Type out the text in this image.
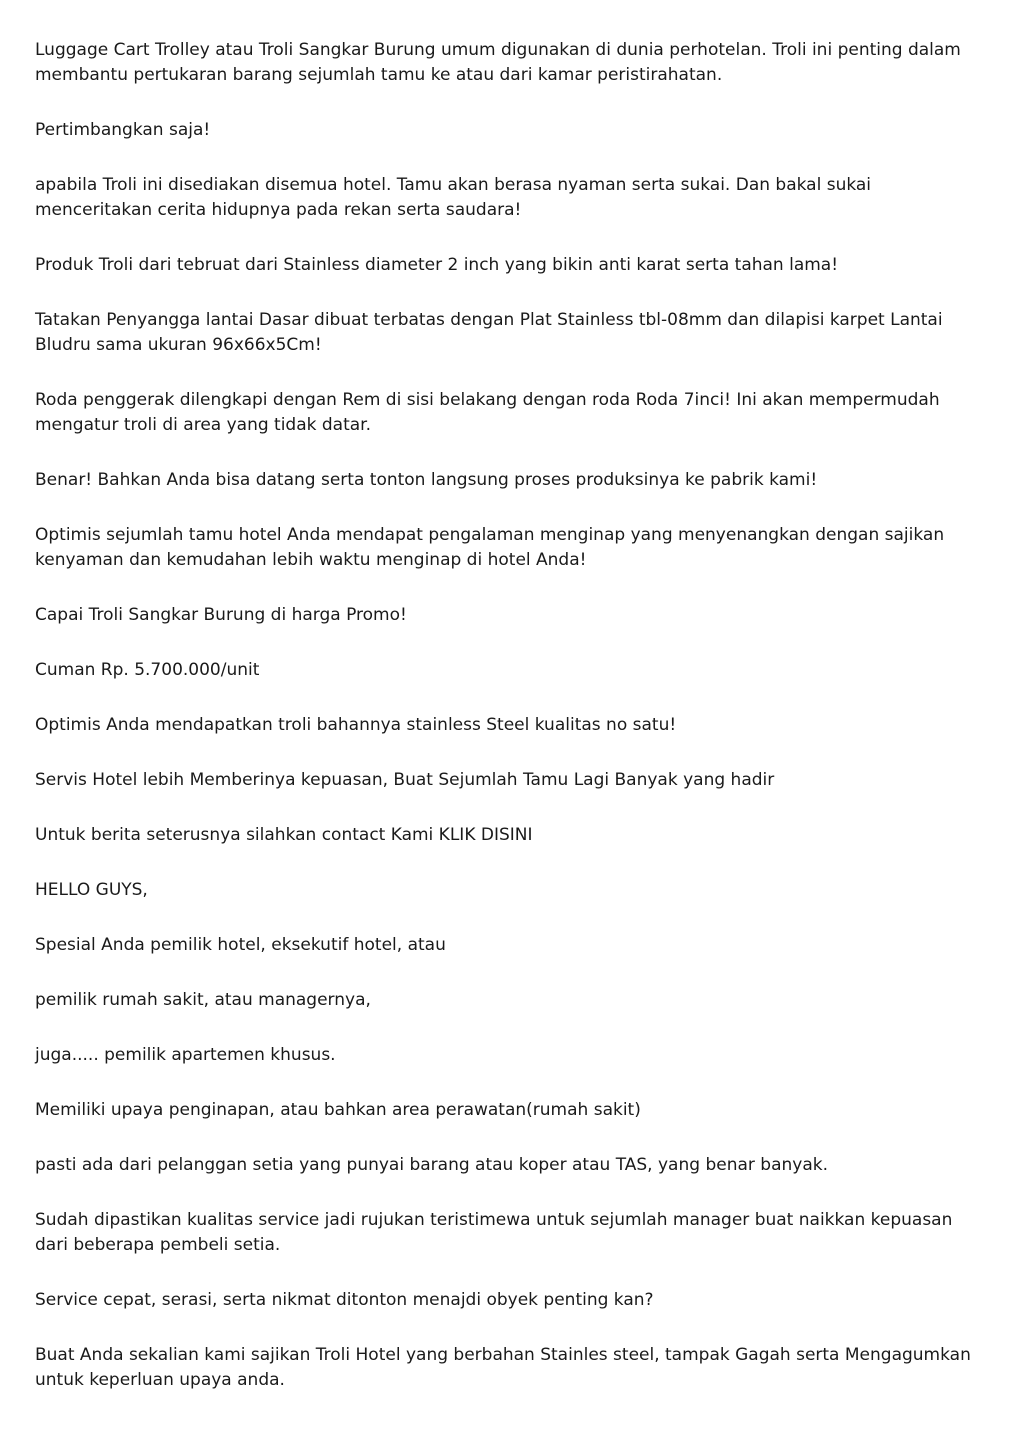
Luggage Cart Trolley atau Troli Sangkar Burung umum digunakan di dunia perhotelan. Troli ini penting dalam membantu pertukaran barang sejumlah tamu ke atau dari kamar peristirahatan.

Pertimbangkan saja!

apabila Troli ini disediakan disemua hotel. Tamu akan berasa nyaman serta sukai. Dan bakal sukai menceritakan cerita hidupnya pada rekan serta saudara!

Produk Troli dari tebruat dari Stainless diameter 2 inch yang bikin anti karat serta tahan lama!

Tatakan Penyangga lantai Dasar dibuat terbatas dengan Plat Stainless tbl-08mm dan dilapisi karpet Lantai Bludru sama ukuran 96x66x5Cm!

Roda penggerak dilengkapi dengan Rem di sisi belakang dengan roda Roda 7inci! Ini akan mempermudah mengatur troli di area yang tidak datar.

Benar! Bahkan Anda bisa datang serta tonton langsung proses produksinya ke pabrik kami!

Optimis sejumlah tamu hotel Anda mendapat pengalaman menginap yang menyenangkan dengan sajikan kenyaman dan kemudahan lebih waktu menginap di hotel Anda!

Capai Troli Sangkar Burung di harga Promo!

Cuman Rp. 5.700.000/unit

Optimis Anda mendapatkan troli bahannya stainless Steel kualitas no satu!

Servis Hotel lebih Memberinya kepuasan, Buat Sejumlah Tamu Lagi Banyak yang hadir

Untuk berita seterusnya silahkan contact Kami KLIK DISINI

HELLO GUYS,

Spesial Anda pemilik hotel, eksekutif hotel, atau

pemilik rumah sakit, atau managernya,

juga..... pemilik apartemen khusus.

Memiliki upaya penginapan, atau bahkan area perawatan(rumah sakit)

pasti ada dari pelanggan setia yang punyai barang atau koper atau TAS, yang benar banyak.

Sudah dipastikan kualitas service jadi rujukan teristimewa untuk sejumlah manager buat naikkan kepuasan dari beberapa pembeli setia.

Service cepat, serasi, serta nikmat ditonton menajdi obyek penting kan?

Buat Anda sekalian kami sajikan Troli Hotel yang berbahan Stainles steel, tampak Gagah serta Mengagumkan untuk keperluan upaya anda.
